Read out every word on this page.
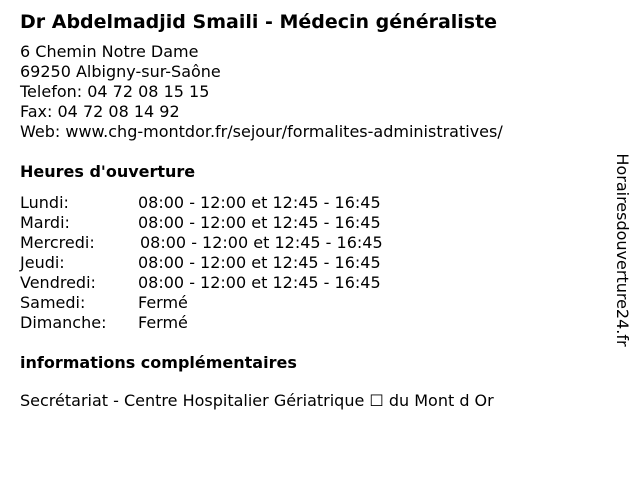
Dr Abdelmadjid Smaili - Médecin généraliste
6 Chemin Notre Dame
69250 Albigny-sur-Saône
Telefon: 04 72 08 15 15
Fax: 04 72 08 14 92
Web: www.chg-montdor.fr/sejour/formalites-administratives/
Heures d'ouverture
Lundi:	08:00 - 12:00 et 12:45 - 16:45
Mardi:	08:00 - 12:00 et 12:45 - 16:45
Mercredi:	08:00 - 12:00 et 12:45 - 16:45
Jeudi:	08:00 - 12:00 et 12:45 - 16:45
Vendredi:	08:00 - 12:00 et 12:45 - 16:45
Samedi:	Fermé
Dimanche:	Fermé
informations complémentaires
Secrétariat - Centre Hospitalier Gériatrique ☐ du Mont d Or
Horairesdouverture24.fr
